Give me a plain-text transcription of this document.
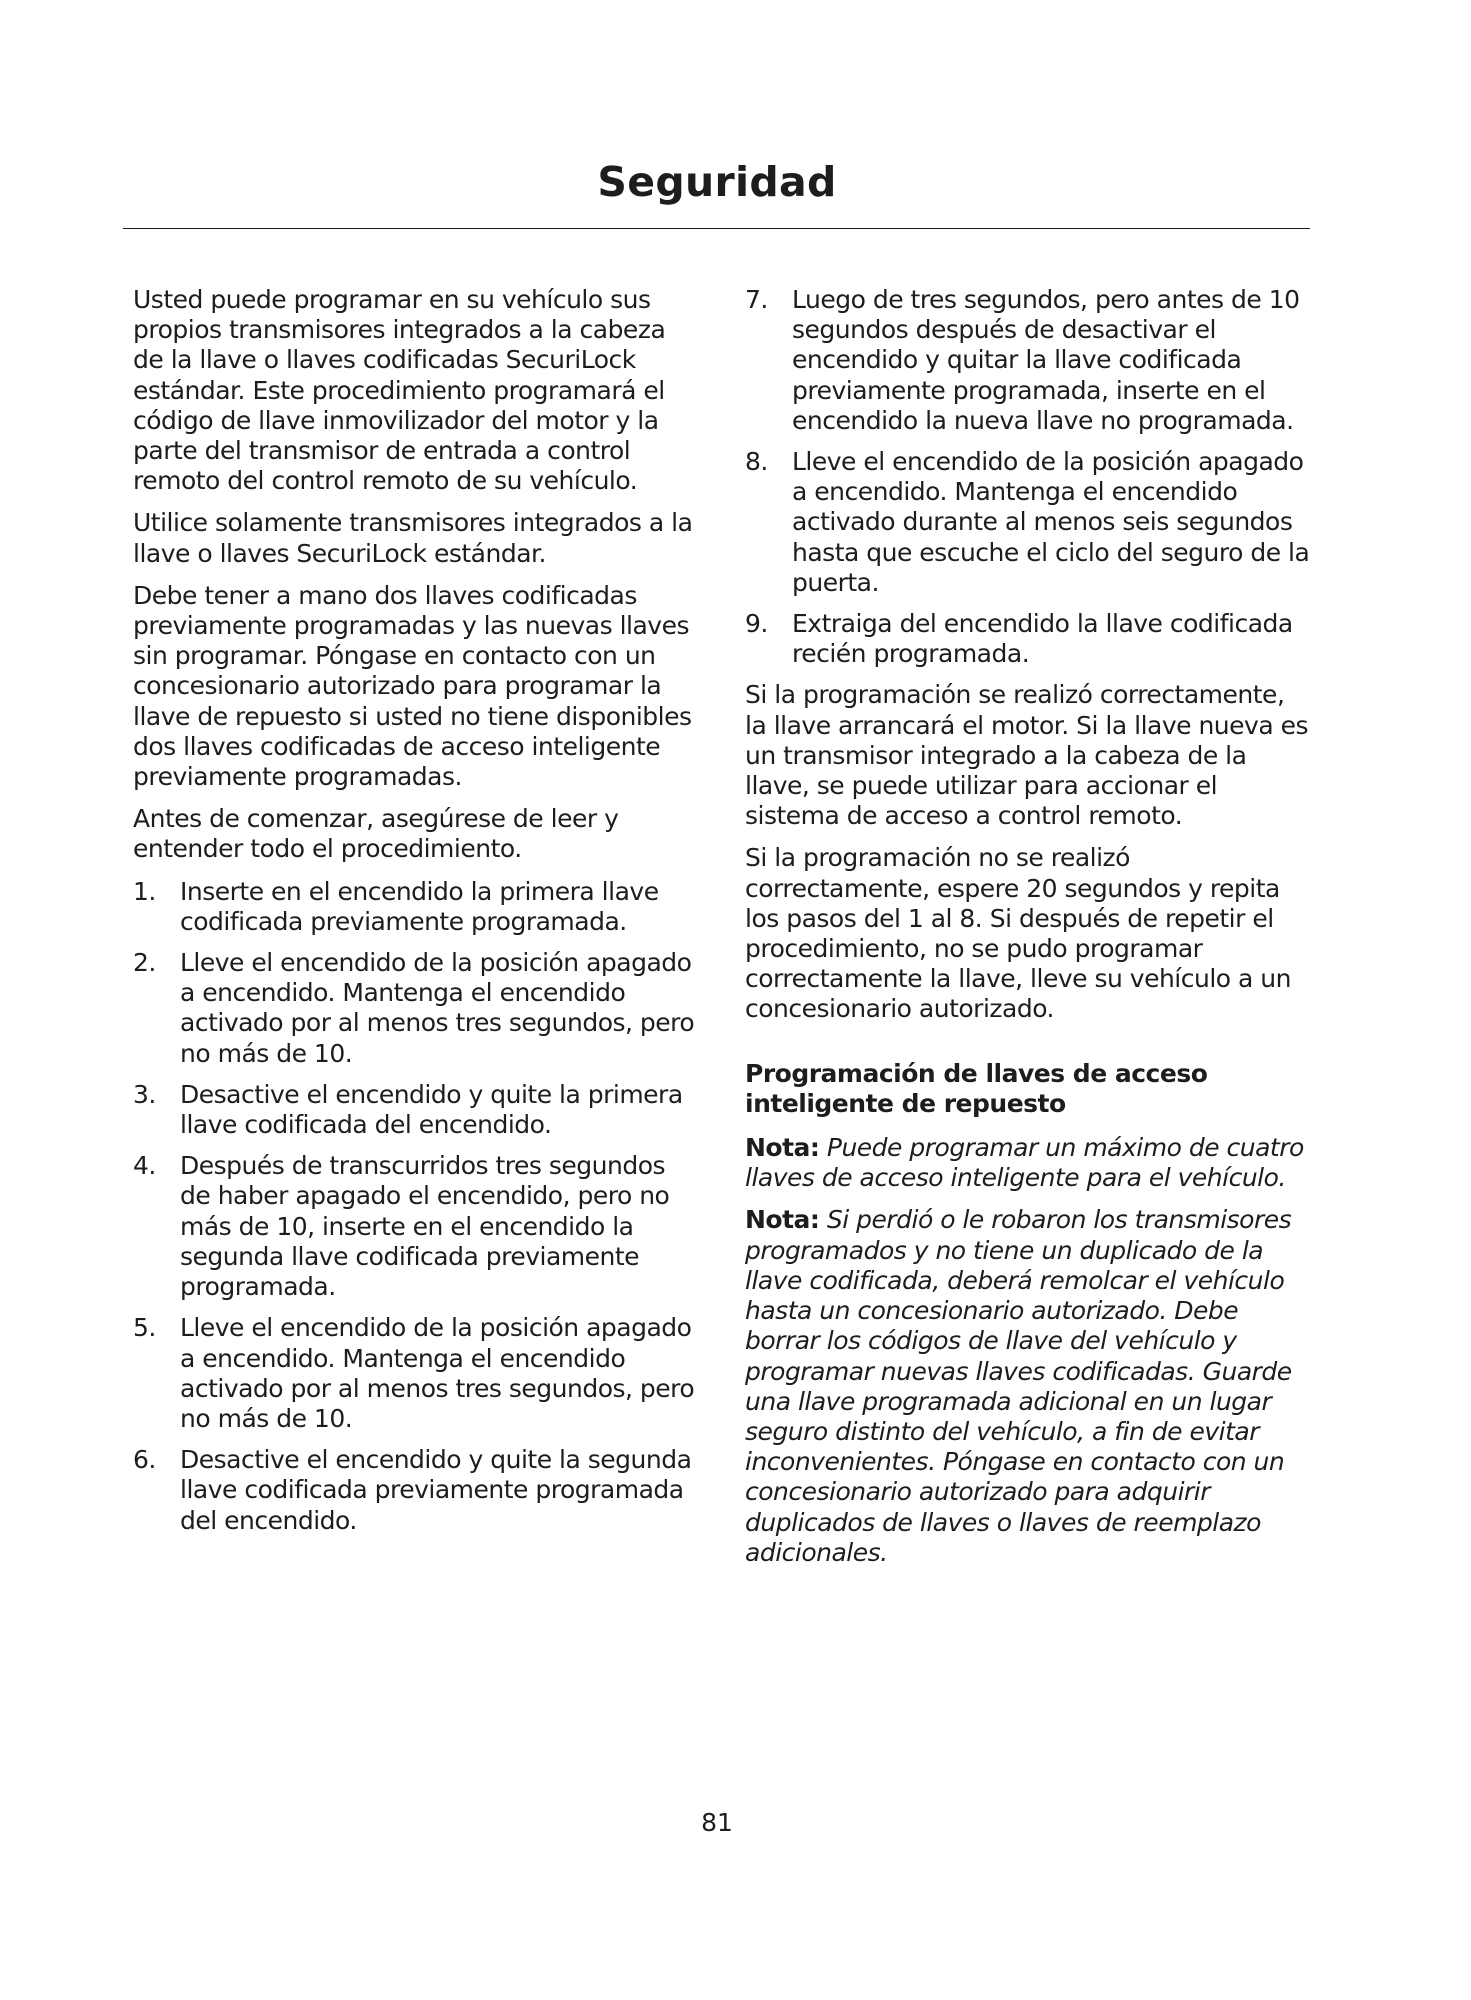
Seguridad

Usted puede programar en su vehículo sus propios transmisores integrados a la cabeza de la llave o llaves codificadas SecuriLock estándar. Este procedimiento programará el código de llave inmovilizador del motor y la parte del transmisor de entrada a control remoto del control remoto de su vehículo.

Utilice solamente transmisores integrados a la llave o llaves SecuriLock estándar.

Debe tener a mano dos llaves codificadas previamente programadas y las nuevas llaves sin programar. Póngase en contacto con un concesionario autorizado para programar la llave de repuesto si usted no tiene disponibles dos llaves codificadas de acceso inteligente previamente programadas.

Antes de comenzar, asegúrese de leer y entender todo el procedimiento.

1. Inserte en el encendido la primera llave codificada previamente programada.
2. Lleve el encendido de la posición apagado a encendido. Mantenga el encendido activado por al menos tres segundos, pero no más de 10.
3. Desactive el encendido y quite la primera llave codificada del encendido.
4. Después de transcurridos tres segundos de haber apagado el encendido, pero no más de 10, inserte en el encendido la segunda llave codificada previamente programada.
5. Lleve el encendido de la posición apagado a encendido. Mantenga el encendido activado por al menos tres segundos, pero no más de 10.
6. Desactive el encendido y quite la segunda llave codificada previamente programada del encendido.
7. Luego de tres segundos, pero antes de 10 segundos después de desactivar el encendido y quitar la llave codificada previamente programada, inserte en el encendido la nueva llave no programada.
8. Lleve el encendido de la posición apagado a encendido. Mantenga el encendido activado durante al menos seis segundos hasta que escuche el ciclo del seguro de la puerta.
9. Extraiga del encendido la llave codificada recién programada.

Si la programación se realizó correctamente, la llave arrancará el motor. Si la llave nueva es un transmisor integrado a la cabeza de la llave, se puede utilizar para accionar el sistema de acceso a control remoto.

Si la programación no se realizó correctamente, espere 20 segundos y repita los pasos del 1 al 8. Si después de repetir el procedimiento, no se pudo programar correctamente la llave, lleve su vehículo a un concesionario autorizado.

Programación de llaves de acceso inteligente de repuesto

Nota: Puede programar un máximo de cuatro llaves de acceso inteligente para el vehículo.

Nota: Si perdió o le robaron los transmisores programados y no tiene un duplicado de la llave codificada, deberá remolcar el vehículo hasta un concesionario autorizado. Debe borrar los códigos de llave del vehículo y programar nuevas llaves codificadas. Guarde una llave programada adicional en un lugar seguro distinto del vehículo, a fin de evitar inconvenientes. Póngase en contacto con un concesionario autorizado para adquirir duplicados de llaves o llaves de reemplazo adicionales.

81
